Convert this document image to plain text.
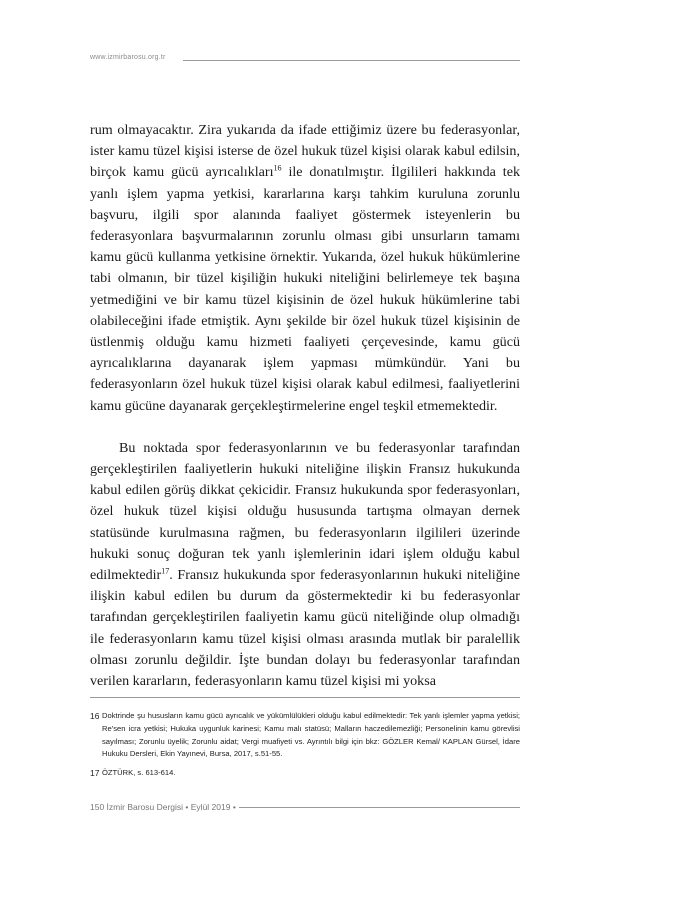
www.izmirbarosu.org.tr

rum olmayacaktır. Zira yukarıda da ifade ettiğimiz üzere bu federasyonlar, ister kamu tüzel kişisi isterse de özel hukuk tüzel kişisi olarak kabul edilsin, birçok kamu gücü ayrıcalıkları$^{16}$ ile donatılmıştır. İlgilileri hakkında tek yanlı işlem yapma yetkisi, kararlarına karşı tahkim kuruluna zorunlu başvuru, ilgili spor alanında faaliyet göstermek isteyenlerin bu federasyonlara başvurmalarının zorunlu olması gibi unsurların tamamı kamu gücü kullanma yetkisine örnektir. Yukarıda, özel hukuk hükümlerine tabi olmanın, bir tüzel kişiliğin hukuki niteliğini belirlemeye tek başına yetmediğini ve bir kamu tüzel kişisinin de özel hukuk hükümlerine tabi olabileceğini ifade etmiştik. Aynı şekilde bir özel hukuk tüzel kişisinin de üstlenmiş olduğu kamu hizmeti faaliyeti çerçevesinde, kamu gücü ayrıcalıklarına dayanarak işlem yapması mümkündür. Yani bu federasyonların özel hukuk tüzel kişisi olarak kabul edilmesi, faaliyetlerini kamu gücüne dayanarak gerçekleştirmelerine engel teşkil etmemektedir.

Bu noktada spor federasyonlarının ve bu federasyonlar tarafından gerçekleştirilen faaliyetlerin hukuki niteliğine ilişkin Fransız hukukunda kabul edilen görüş dikkat çekicidir. Fransız hukukunda spor federasyonları, özel hukuk tüzel kişisi olduğu hususunda tartışma olmayan dernek statüsünde kurulmasına rağmen, bu federasyonların ilgilileri üzerinde hukuki sonuç doğuran tek yanlı işlemlerinin idari işlem olduğu kabul edilmektedir$^{17}$. Fransız hukukunda spor federasyonlarının hukuki niteliğine ilişkin kabul edilen bu durum da göstermektedir ki bu federasyonlar tarafından gerçekleştirilen faaliyetin kamu gücü niteliğinde olup olmadığı ile federasyonların kamu tüzel kişisi olması arasında mutlak bir paralellik olması zorunlu değildir. İşte bundan dolayı bu federasyonlar tarafından verilen kararların, federasyonların kamu tüzel kişisi mi yoksa

16 Doktrinde şu hususların kamu gücü ayrıcalık ve yükümlülükleri olduğu kabul edilmektedir: Tek yanlı işlemler yapma yetkisi; Re’sen icra yetkisi; Hukuka uygunluk karinesi; Kamu malı statüsü; Malların haczedilemezliği; Personelinin kamu görevlisi sayılması; Zorunlu üyelik; Zorunlu aidat; Vergi muafiyeti vs. Ayrıntılı bilgi için bkz: GÖZLER Kemal/ KAPLAN Gürsel, İdare Hukuku Dersleri, Ekin Yayınevi, Bursa, 2017, s.51-55.
17 ÖZTÜRK, s. 613-614.
150 İzmir Barosu Dergisi • Eylül 2019 •
